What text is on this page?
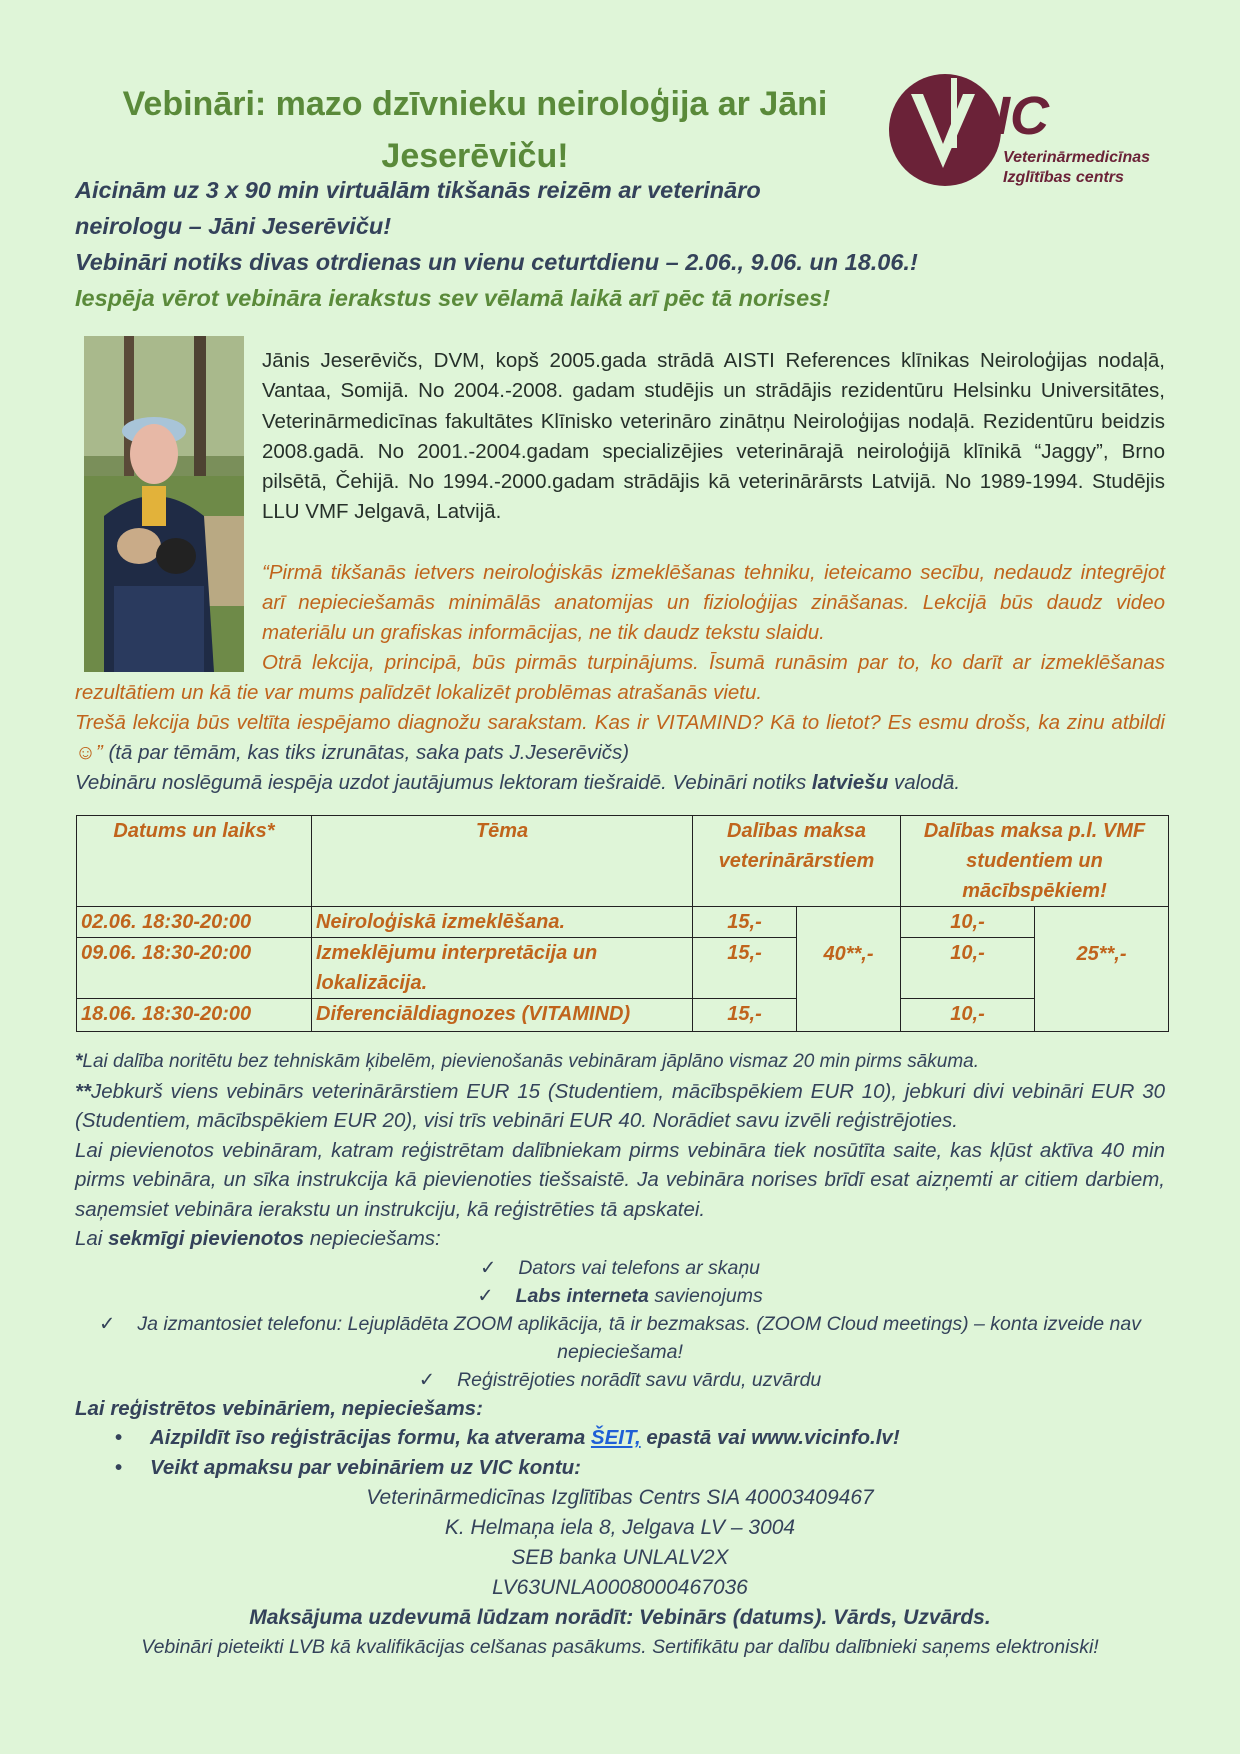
Vebināri: mazo dzīvnieku neiroloģija ar Jāni
Jeserēviču!
IC
Veterinārmedicīnas
Izglītības centrs
Aicinām uz 3 x 90 min virtuālām tikšanās reizēm ar veterināro neirologu – Jāni Jeserēviču!
Vebināri notiks divas otrdienas un vienu ceturtdienu – 2.06., 9.06. un 18.06.!
Iespēja vērot vebināra ierakstus sev vēlamā laikā arī pēc tā norises!
Jānis Jeserēvičs, DVM, kopš 2005.gada strādā AISTI References klīnikas Neiroloģijas nodaļā, Vantaa, Somijā. No 2004.-2008. gadam studējis un strādājis rezidentūru Helsinku Universitātes, Veterinārmedicīnas fakultātes Klīnisko veterināro zinātņu Neiroloģijas nodaļā. Rezidentūru beidzis 2008.gadā. No 2001.-2004.gadam specializējies veterinārajā neiroloģijā klīnikā “Jaggy”, Brno pilsētā, Čehijā. No 1994.-2000.gadam strādājis kā veterinārārsts Latvijā. No 1989-1994. Studējis LLU VMF Jelgavā, Latvijā.

“Pirmā tikšanās ietvers neiroloģiskās izmeklēšanas tehniku, ieteicamo secību, nedaudz integrējot arī nepieciešamās minimālās anatomijas un fizioloģijas zināšanas. Lekcijā būs daudz video materiālu un grafiskas informācijas, ne tik daudz tekstu slaidu.

Otrā lekcija, principā, būs pirmās turpinājums. Īsumā runāsim par to, ko darīt ar izmeklēšanas rezultātiem un kā tie var mums palīdzēt lokalizēt problēmas atrašanās vietu.

Trešā lekcija būs veltīta iespējamo diagnožu sarakstam. Kas ir VITAMIND? Kā to lietot? Es esmu drošs, ka zinu atbildi☺” (tā par tēmām, kas tiks izrunātas, saka pats J.Jeserēvičs)

Vebināru noslēgumā iespēja uzdot jautājumus lektoram tiešraidē. Vebināri notiks latviešu valodā.

Datums un laiks*	Tēma	Dalības maksa veterinārārstiem		Dalības maksa p.l. VMF studentiem un mācībspēkiem!	
02.06. 18:30-20:00	Neiroloģiskā izmeklēšana.	15,-	40**,-	10,-	25**,-
09.06. 18:30-20:00	Izmeklējumu interpretācija un lokalizācija.	15,-		10,-	
18.06. 18:30-20:00	Diferenciāldiagnozes (VITAMIND)	15,-		10,-	

*Lai dalība noritētu bez tehniskām ķibelēm, pievienošanās vebināram jāplāno vismaz 20 min pirms sākuma.

**Jebkurš viens vebinārs veterinārārstiem EUR 15 (Studentiem, mācībspēkiem EUR 10), jebkuri divi vebināri EUR 30 (Studentiem, mācībspēkiem EUR 20), visi trīs vebināri EUR 40. Norādiet savu izvēli reģistrējoties.

Lai pievienotos vebināram, katram reģistrētam dalībniekam pirms vebināra tiek nosūtīta saite, kas kļūst aktīva 40 min pirms vebināra, un sīka instrukcija kā pievienoties tiešsaistē. Ja vebināra norises brīdī esat aizņemti ar citiem darbiem, saņemsiet vebināra ierakstu un instrukciju, kā reģistrēties tā apskatei.

Lai sekmīgi pievienotos nepieciešams:

✓ Dators vai telefons ar skaņu
✓ Labs interneta savienojums
✓ Ja izmantosiet telefonu: Lejuplādēta ZOOM aplikācija, tā ir bezmaksas. (ZOOM Cloud meetings) – konta izveide nav nepieciešama!
✓ Reģistrējoties norādīt savu vārdu, uzvārdu

Lai reģistrētos vebināriem, nepieciešams:

• Aizpildīt īso reģistrācijas formu, ka atverama ŠEIT, epastā vai www.vicinfo.lv!
• Veikt apmaksu par vebināriem uz VIC kontu:
Veterinārmedicīnas Izglītības Centrs SIA 40003409467
K. Helmaņa iela 8, Jelgava LV – 3004
SEB banka UNLALV2X
LV63UNLA0008000467036
Maksājuma uzdevumā lūdzam norādīt: Vebinārs (datums). Vārds, Uzvārds.
Vebināri pieteikti LVB kā kvalifikācijas celšanas pasākums. Sertifikātu par dalību dalībnieki saņems elektroniski!
